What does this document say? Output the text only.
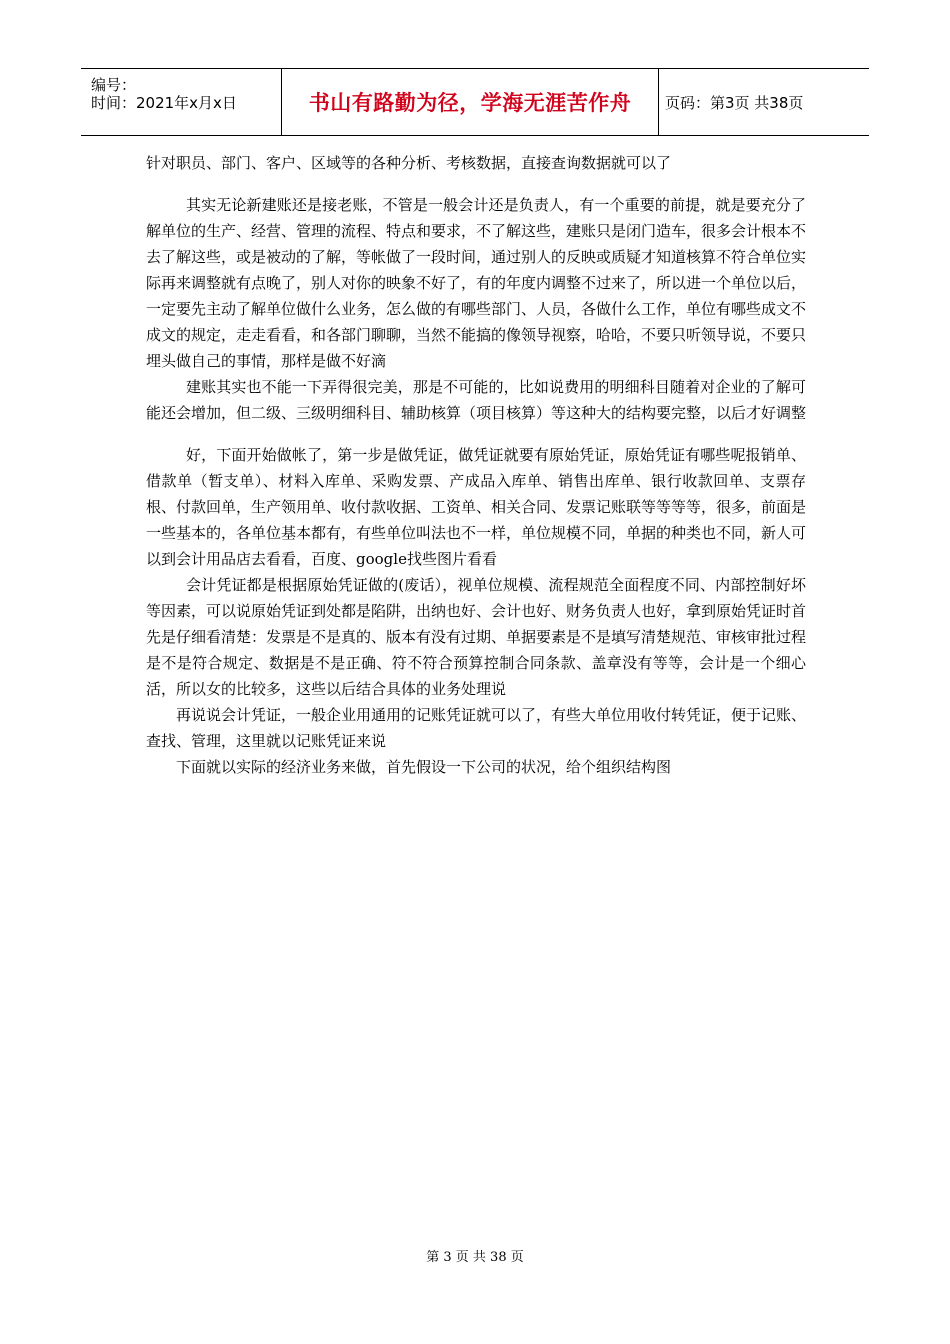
编号：
时间：2021年x月x日	书山有路勤为径，学海无涯苦作舟 页码：第3页 共38页

针对职员、部门、客户、区域等的各种分析、考核数据，直接查询数据就可以了

其实无论新建账还是接老账，不管是一般会计还是负责人，有一个重要的前提，就是要充分了解单位的生产、经营、管理的流程、特点和要求，不了解这些，建账只是闭门造车，很多会计根本不去了解这些，或是被动的了解，等帐做了一段时间，通过别人的反映或质疑才知道核算不符合单位实际再来调整就有点晚了，别人对你的映象不好了，有的年度内调整不过来了，所以进一个单位以后，一定要先主动了解单位做什么业务，怎么做的有哪些部门、人员，各做什么工作，单位有哪些成文不成文的规定，走走看看，和各部门聊聊，当然不能搞的像领导视察，哈哈，不要只听领导说，不要只埋头做自己的事情，那样是做不好滴

建账其实也不能一下弄得很完美，那是不可能的，比如说费用的明细科目随着对企业的了解可能还会增加，但二级、三级明细科目、辅助核算（项目核算）等这种大的结构要完整，以后才好调整

好，下面开始做帐了，第一步是做凭证，做凭证就要有原始凭证，原始凭证有哪些呢报销单、借款单（暂支单）、材料入库单、采购发票、产成品入库单、销售出库单、银行收款回单、支票存根、付款回单，生产领用单、收付款收据、工资单、相关合同、发票记账联等等等等，很多，前面是一些基本的，各单位基本都有，有些单位叫法也不一样，单位规模不同，单据的种类也不同，新人可以到会计用品店去看看，百度、google找些图片看看

会计凭证都是根据原始凭证做的(废话），视单位规模、流程规范全面程度不同、内部控制好坏等因素，可以说原始凭证到处都是陷阱，出纳也好、会计也好、财务负责人也好，拿到原始凭证时首先是仔细看清楚：发票是不是真的、版本有没有过期、单据要素是不是填写清楚规范、审核审批过程是不是符合规定、数据是不是正确、符不符合预算控制合同条款、盖章没有等等，会计是一个细心活，所以女的比较多，这些以后结合具体的业务处理说

再说说会计凭证，一般企业用通用的记账凭证就可以了，有些大单位用收付转凭证，便于记账、查找、管理，这里就以记账凭证来说

下面就以实际的经济业务来做，首先假设一下公司的状况，给个组织结构图

第 3 页 共 38 页
